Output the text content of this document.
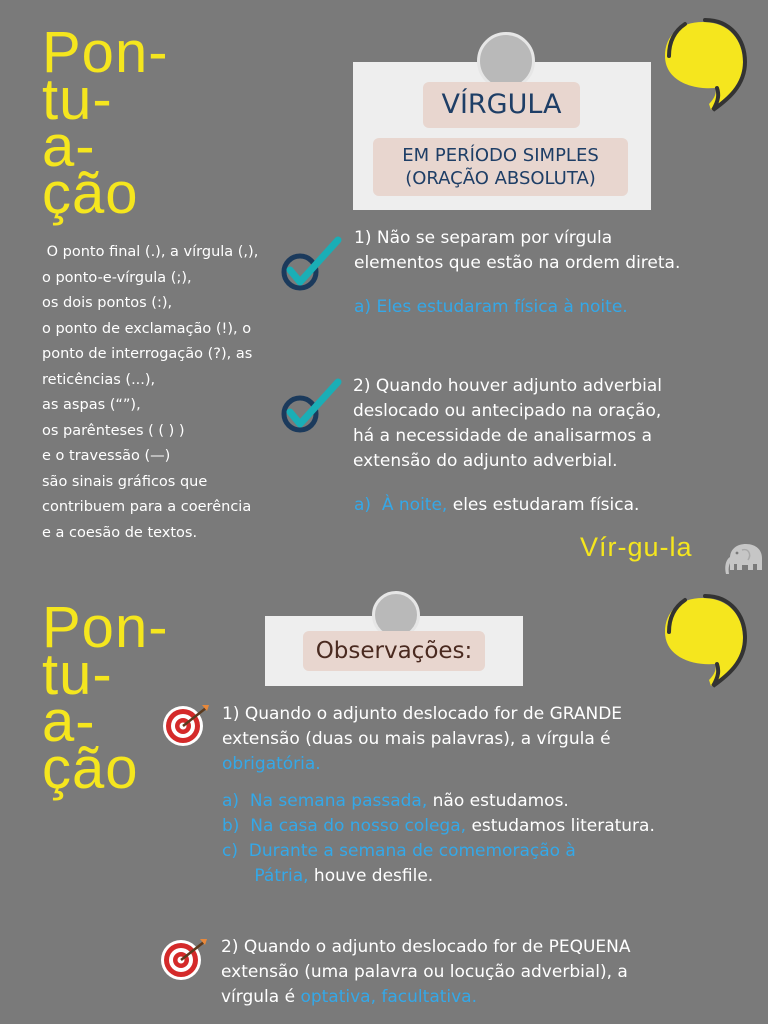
Pon-
tu-
a-
ção
O ponto final (.), a vírgula (,),
o ponto-e-vírgula (;),
os dois pontos (:),
o ponto de exclamação (!), o
ponto de interrogação (?), as
reticências (...),
as aspas (“”),
os parênteses ( ( ) )
e o travessão (—)
são sinais gráficos que
contribuem para a coerência
e a coesão de textos.
VÍRGULA
EM PERÍODO SIMPLES
(ORAÇÃO ABSOLUTA)
1) Não se separam por vírgula
elementos que estão na ordem direta.
a) Eles estudaram física à noite.
2) Quando houver adjunto adverbial
deslocado ou antecipado na oração,
há a necessidade de analisarmos a
extensão do adjunto adverbial.
a)  À noite, eles estudaram física.
Vír-gu-la
Pon-
tu-
a-
ção
Observações:
1) Quando o adjunto deslocado for de GRANDE
extensão (duas ou mais palavras), a vírgula é
obrigatória.
a)  Na semana passada, não estudamos.
b)  Na casa do nosso colega, estudamos literatura.
c)  Durante a semana de comemoração à
Pátria, houve desfile.
2) Quando o adjunto deslocado for de PEQUENA
extensão (uma palavra ou locução adverbial), a
vírgula é optativa, facultativa.
